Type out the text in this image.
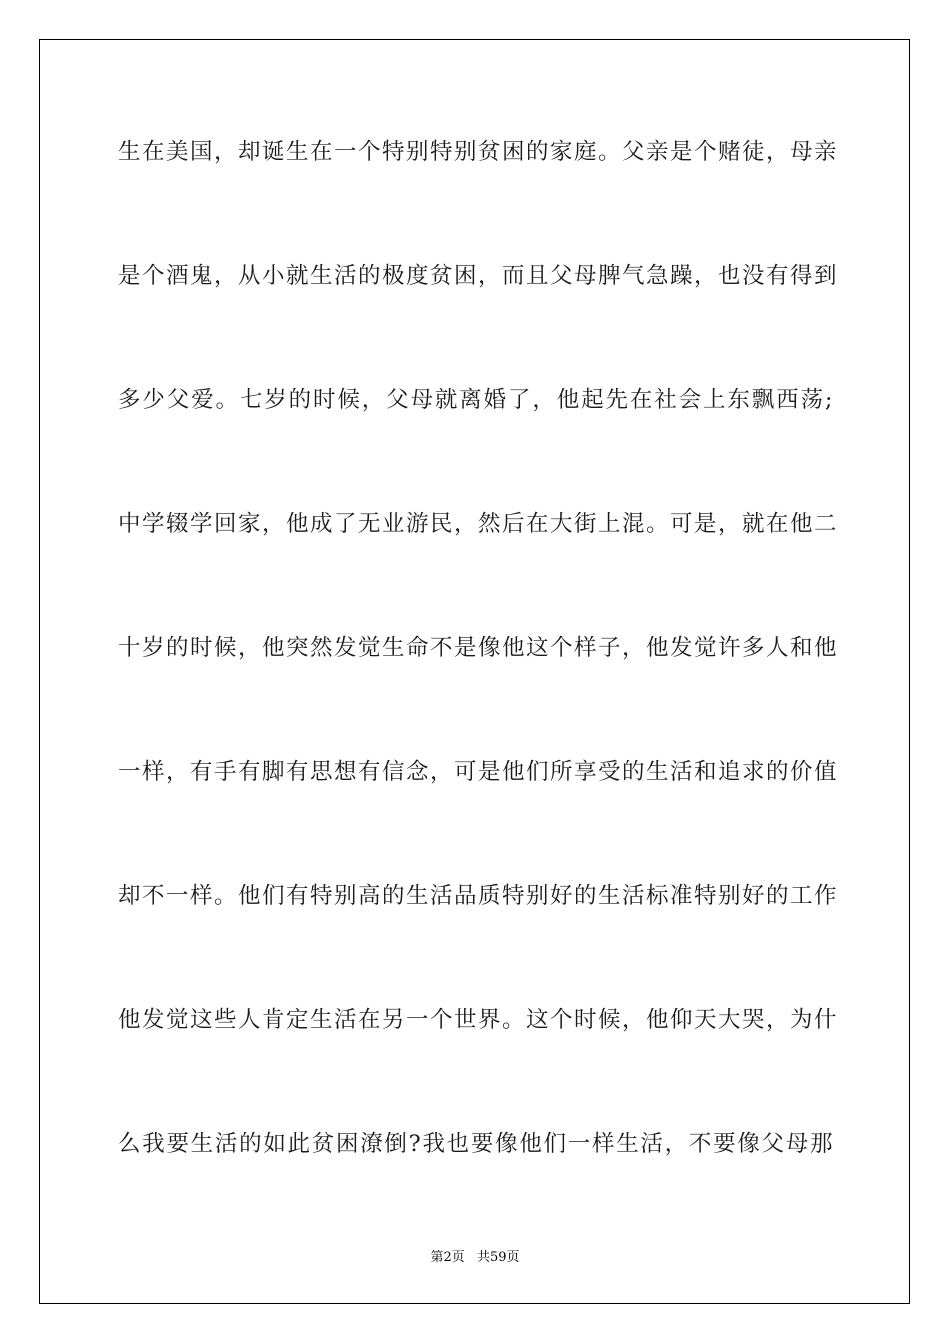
生在美国，却诞生在一个特别特别贫困的家庭。父亲是个赌徒，母亲
是个酒鬼，从小就生活的极度贫困，而且父母脾气急躁，也没有得到
多少父爱。七岁的时候，父母就离婚了，他起先在社会上东飘西荡;
中学辍学回家，他成了无业游民，然后在大街上混。可是，就在他二
十岁的时候，他突然发觉生命不是像他这个样子，他发觉许多人和他
一样，有手有脚有思想有信念，可是他们所享受的生活和追求的价值
却不一样。他们有特别高的生活品质特别好的生活标准特别好的工作
他发觉这些人肯定生活在另一个世界。这个时候，他仰天大哭，为什
么我要生活的如此贫困潦倒?我也要像他们一样生活，不要像父母那
第2页 共59页
